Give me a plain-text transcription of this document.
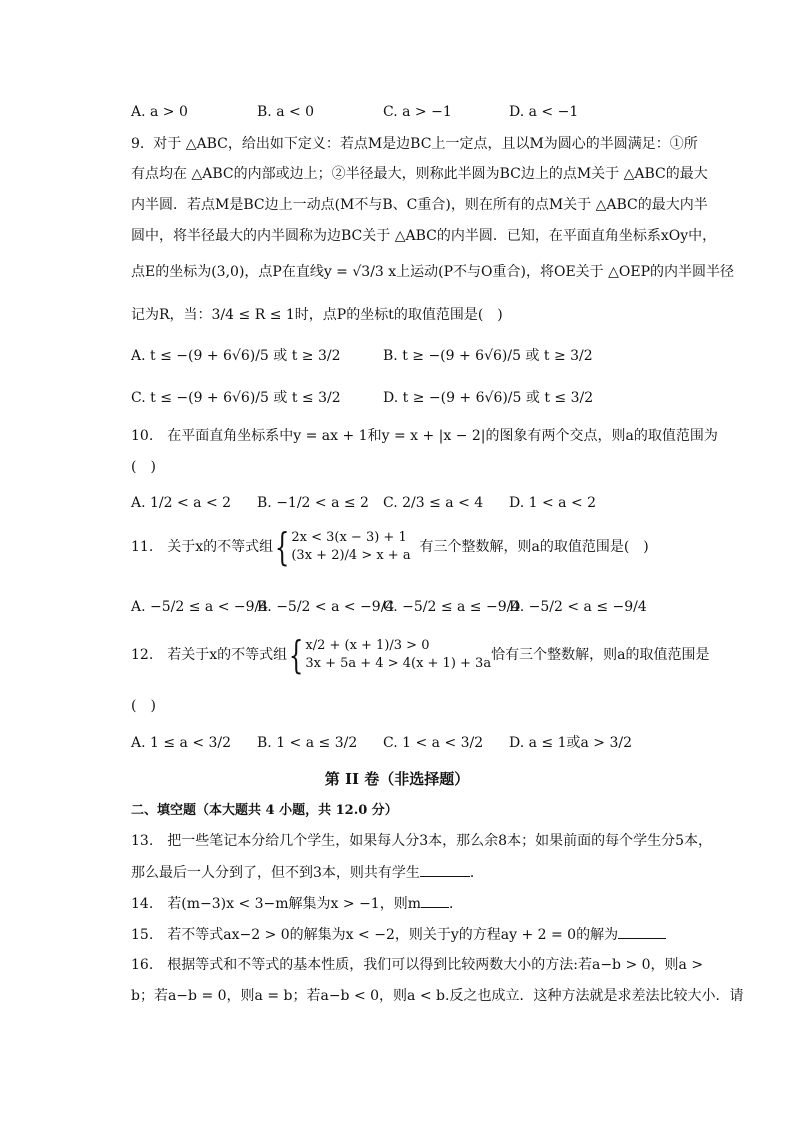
A. a > 0	B. a < 0	C. a > −1	D. a < −1
9. 对于 △ABC，给出如下定义：若点M是边BC上一定点，且以M为圆心的半圆满足：①所
有点均在 △ABC的内部或边上；②半径最大，则称此半圆为BC边上的点M关于 △ABC的最大
内半圆．若点M是BC边上一动点(M不与B、C重合)，则在所有的点M关于 △ABC的最大内半
圆中，将半径最大的内半圆称为边BC关于 △ABC的内半圆．已知，在平面直角坐标系xOy中，
点E的坐标为(3,0)，点P在直线y = √3/3 x上运动(P不与O重合)，将OE关于 △OEP的内半圆半径
记为R，当：3/4 ≤ R ≤ 1时，点P的坐标t的取值范围是(　)
A. t ≤ −(9 + 6√6)/5 或 t ≥ 3/2	B. t ≥ −(9 + 6√6)/5 或 t ≥ 3/2
C. t ≤ −(9 + 6√6)/5 或 t ≤ 3/2	D. t ≥ −(9 + 6√6)/5 或 t ≤ 3/2
10.　在平面直角坐标系中y = ax + 1和y = x + |x − 2|的图象有两个交点，则a的取值范围为
(　)
A. 1/2 < a < 2 B. −1/2 < a ≤ 2 C. 2/3 ≤ a < 4 D. 1 < a < 2
11.　关于x的不等式组{ 2x < 3(x − 3) + 1
(3x + 2)/4 > x + a
有三个整数解，则a的取值范围是(　)
A. −5/2 ≤ a < −9/4
B. −5/2 < a < −9/4
C. −5/2 ≤ a ≤ −9/4
D. −5/2 < a ≤ −9/4
12.　若关于x的不等式组{ x/2 + (x + 1)/3 > 0
3x + 5a + 4 > 4(x + 1) + 3a
恰有三个整数解，则a的取值范围是
(　)
A. 1 ≤ a < 3/2 B. 1 < a ≤ 3/2 C. 1 < a < 3/2 D. a ≤ 1或a > 3/2
第 II 卷（非选择题）
二、填空题（本大题共 4 小题，共 12.0 分）
13.　把一些笔记本分给几个学生，如果每人分3本，那么余8本；如果前面的每个学生分5本，
那么最后一人分到了，但不到3本，则共有学生	．
14.　若(m−3)x < 3−m解集为x > −1，则m ．
15.　若不等式ax−2 > 0的解集为x < −2，则关于y的方程ay + 2 = 0的解为
16.　根据等式和不等式的基本性质，我们可以得到比较两数大小的方法:若a−b > 0，则a >
b；若a−b = 0，则a = b；若a−b < 0，则a < b.反之也成立．这种方法就是求差法比较大小．请
